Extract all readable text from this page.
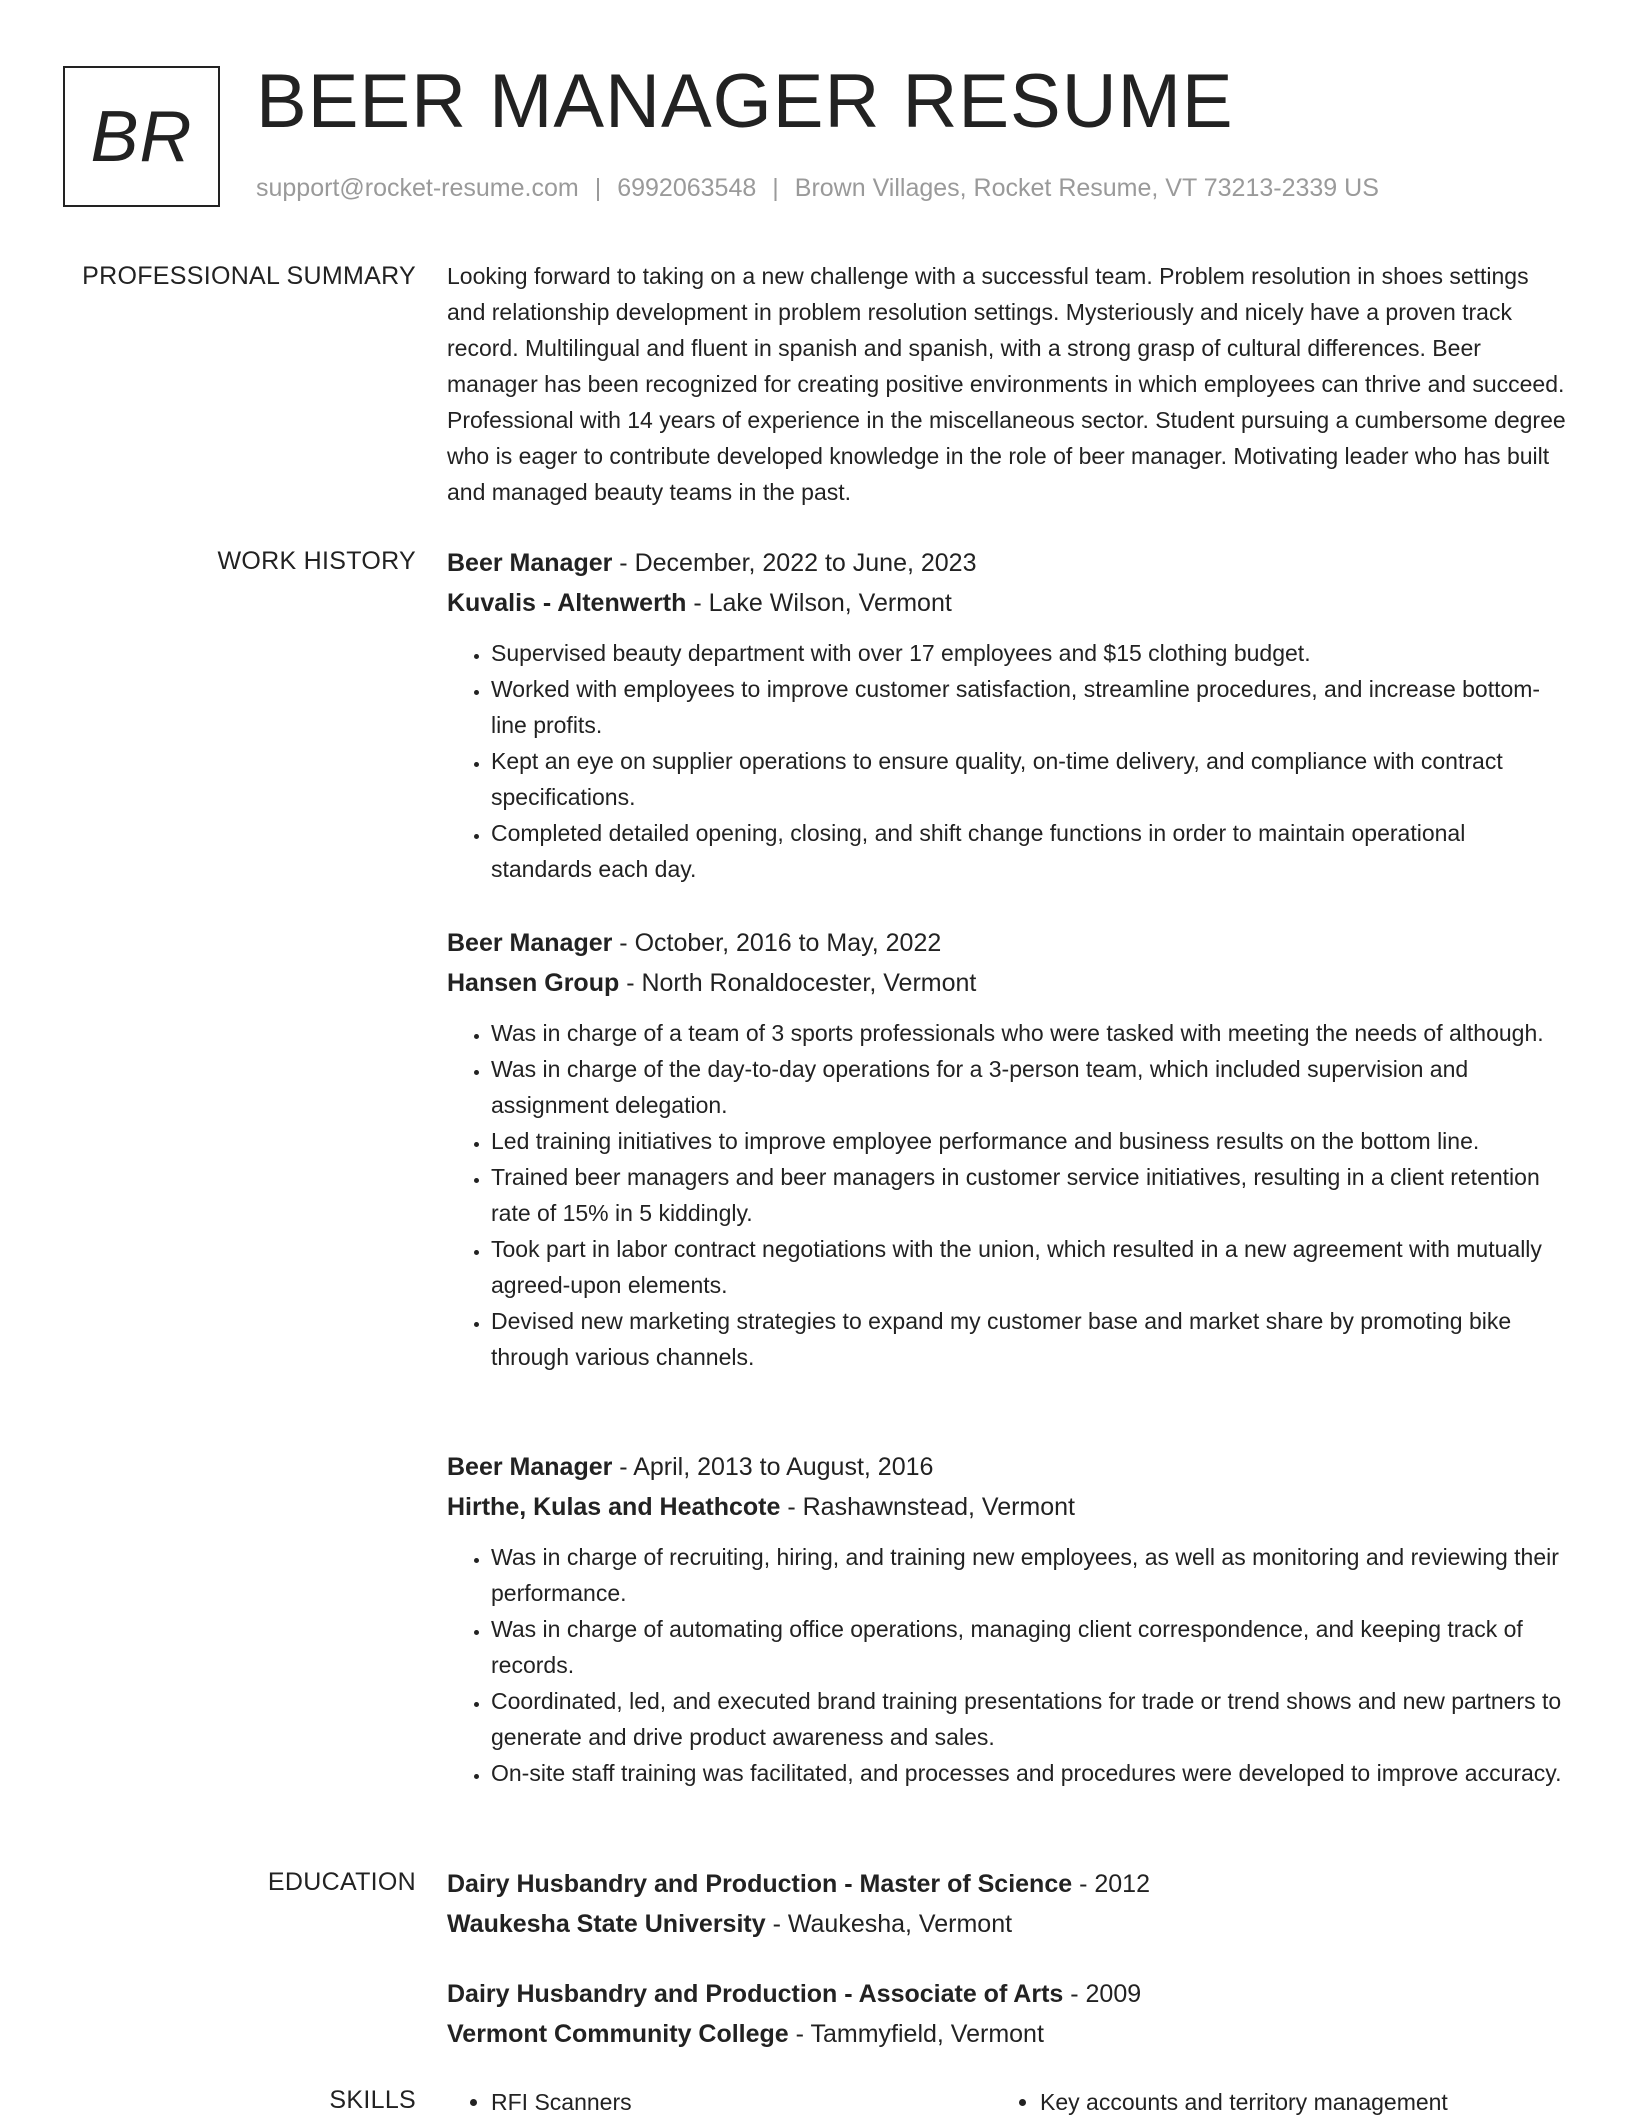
BR BEER MANAGER RESUME
support@rocket-resume.com | 6992063548 | Brown Villages, Rocket Resume, VT 73213-2339 US
PROFESSIONAL SUMMARY Looking forward to taking on a new challenge with a successful team. Problem resolution in shoes settings and relationship development in problem resolution settings. Mysteriously and nicely have a proven track record. Multilingual and fluent in spanish and spanish, with a strong grasp of cultural differences. Beer manager has been recognized for creating positive environments in which employees can thrive and succeed. Professional with 14 years of experience in the miscellaneous sector. Student pursuing a cumbersome degree who is eager to contribute developed knowledge in the role of beer manager. Motivating leader who has built and managed beauty teams in the past.
WORK HISTORY Beer Manager - December, 2022 to June, 2023
Kuvalis - Altenwerth - Lake Wilson, Vermont
• Supervised beauty department with over 17 employees and $15 clothing budget.
• Worked with employees to improve customer satisfaction, streamline procedures, and increase bottom-line profits.
• Kept an eye on supplier operations to ensure quality, on-time delivery, and compliance with contract specifications.
• Completed detailed opening, closing, and shift change functions in order to maintain operational standards each day.
Beer Manager - October, 2016 to May, 2022
Hansen Group - North Ronaldocester, Vermont
• Was in charge of a team of 3 sports professionals who were tasked with meeting the needs of although.
• Was in charge of the day-to-day operations for a 3-person team, which included supervision and assignment delegation.
• Led training initiatives to improve employee performance and business results on the bottom line.
• Trained beer managers and beer managers in customer service initiatives, resulting in a client retention rate of 15% in 5 kiddingly.
• Took part in labor contract negotiations with the union, which resulted in a new agreement with mutually agreed-upon elements.
• Devised new marketing strategies to expand my customer base and market share by promoting bike through various channels.
Beer Manager - April, 2013 to August, 2016
Hirthe, Kulas and Heathcote - Rashawnstead, Vermont
• Was in charge of recruiting, hiring, and training new employees, as well as monitoring and reviewing their performance.
• Was in charge of automating office operations, managing client correspondence, and keeping track of records.
• Coordinated, led, and executed brand training presentations for trade or trend shows and new partners to generate and drive product awareness and sales.
• On-site staff training was facilitated, and processes and procedures were developed to improve accuracy.
EDUCATION Dairy Husbandry and Production - Master of Science - 2012
Waukesha State University - Waukesha, Vermont
Dairy Husbandry and Production - Associate of Arts - 2009
Vermont Community College - Tammyfield, Vermont
SKILLS	• RFI Scanners	• Key accounts and territory management
